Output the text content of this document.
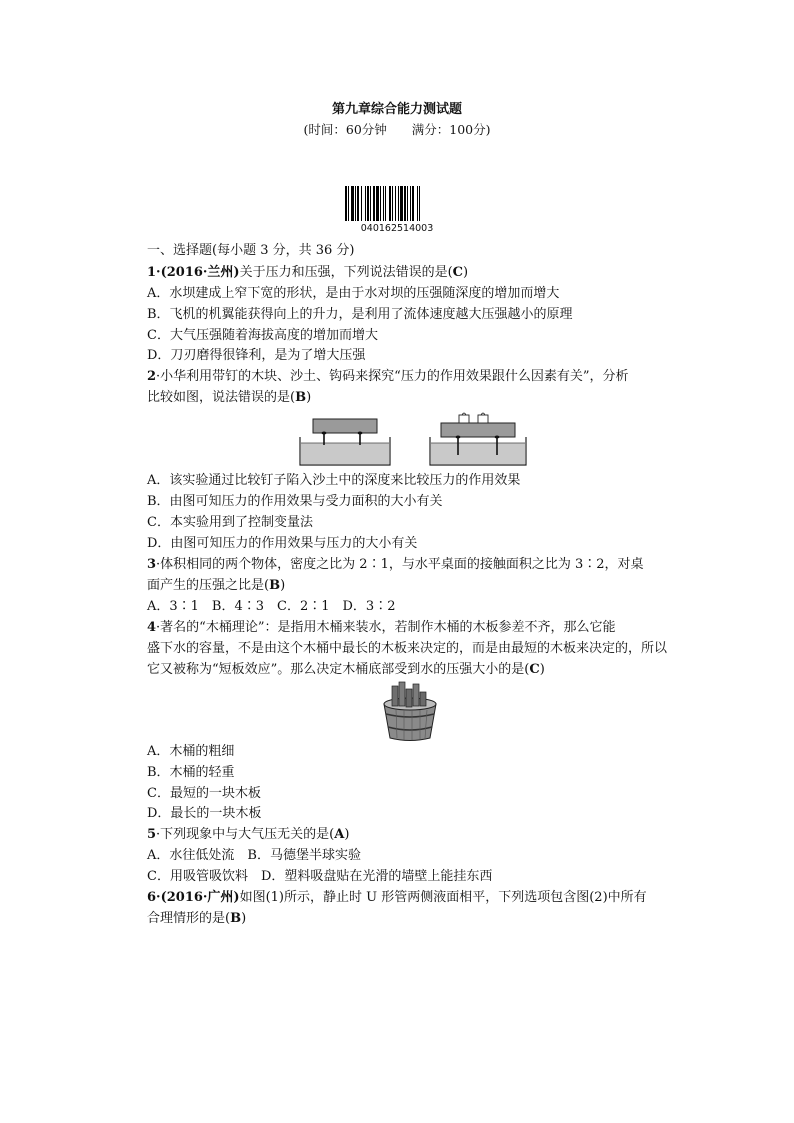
第九章综合能力测试题
(时间：60分钟　　满分：100分)
040162514003
一、选择题(每小题 3 分，共 36 分)
1·(2016·兰州)关于压力和压强，下列说法错误的是(C)
A．水坝建成上窄下宽的形状，是由于水对坝的压强随深度的增加而增大
B．飞机的机翼能获得向上的升力，是利用了流体速度越大压强越小的原理
C．大气压强随着海拔高度的增加而增大
D．刀刃磨得很锋利，是为了增大压强
2·小华利用带钉的木块、沙土、钩码来探究“压力的作用效果跟什么因素有关”，分析
比较如图，说法错误的是(B)
A．该实验通过比较钉子陷入沙土中的深度来比较压力的作用效果
B．由图可知压力的作用效果与受力面积的大小有关
C．本实验用到了控制变量法
D．由图可知压力的作用效果与压力的大小有关
3·体积相同的两个物体，密度之比为 2∶1，与水平桌面的接触面积之比为 3∶2，对桌
面产生的压强之比是(B)
A．3∶1　B．4∶3　C．2∶1　D．3∶2
4·著名的“木桶理论”：是指用木桶来装水，若制作木桶的木板参差不齐，那么它能
盛下水的容量，不是由这个木桶中最长的木板来决定的，而是由最短的木板来决定的，所以
它又被称为“短板效应”。那么决定木桶底部受到水的压强大小的是(C)
A．木桶的粗细
B．木桶的轻重
C．最短的一块木板
D．最长的一块木板
5·下列现象中与大气压无关的是(A)
A．水往低处流　B．马德堡半球实验
C．用吸管吸饮料　D．塑料吸盘贴在光滑的墙壁上能挂东西
6·(2016·广州)如图(1)所示，静止时 U 形管两侧液面相平，下列选项包含图(2)中所有
合理情形的是(B)
